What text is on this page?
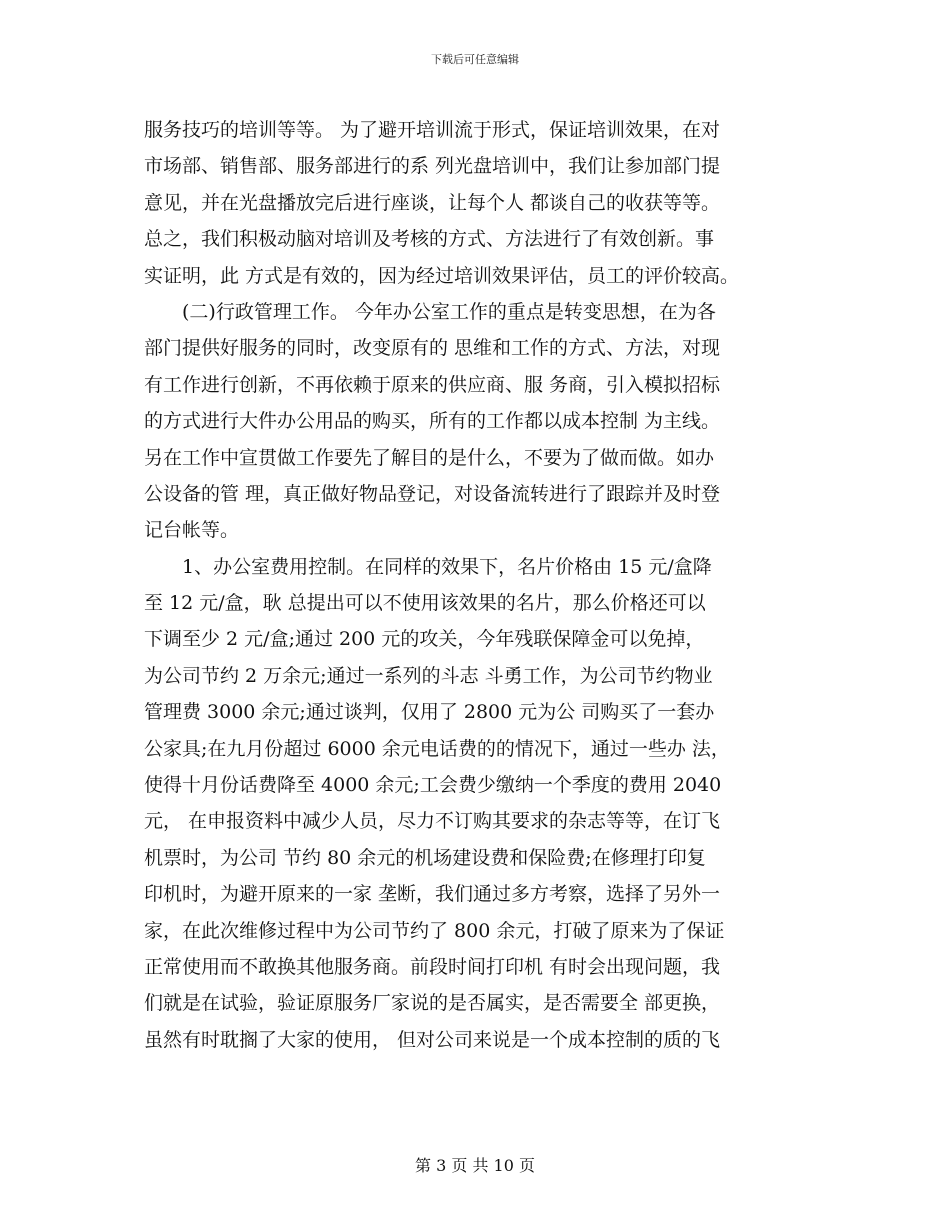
下载后可任意编辑
服务技巧的培训等等。 为了避开培训流于形式，保证培训效果，在对
市场部、销售部、服务部进行的系 列光盘培训中，我们让参加部门提
意见，并在光盘播放完后进行座谈，让每个人 都谈自己的收获等等。
总之，我们积极动脑对培训及考核的方式、方法进行了有效创新。事
实证明，此 方式是有效的，因为经过培训效果评估，员工的评价较高。
　　(二)行政管理工作。 今年办公室工作的重点是转变思想，在为各
部门提供好服务的同时，改变原有的 思维和工作的方式、方法，对现
有工作进行创新，不再依赖于原来的供应商、服 务商，引入模拟招标
的方式进行大件办公用品的购买，所有的工作都以成本控制 为主线。
另在工作中宣贯做工作要先了解目的是什么，不要为了做而做。如办
公设备的管 理，真正做好物品登记，对设备流转进行了跟踪并及时登
记台帐等。
　　1、办公室费用控制。在同样的效果下，名片价格由 15 元/盒降
至 12 元/盒，耿 总提出可以不使用该效果的名片，那么价格还可以
下调至少 2 元/盒;通过 200 元的攻关，今年残联保障金可以免掉，
为公司节约 2 万余元;通过一系列的斗志 斗勇工作，为公司节约物业
管理费 3000 余元;通过谈判，仅用了 2800 元为公 司购买了一套办
公家具;在九月份超过 6000 余元电话费的的情况下，通过一些办 法，
使得十月份话费降至 4000 余元;工会费少缴纳一个季度的费用 2040
元， 在申报资料中减少人员，尽力不订购其要求的杂志等等，在订飞
机票时，为公司 节约 80 余元的机场建设费和保险费;在修理打印复
印机时，为避开原来的一家 垄断，我们通过多方考察，选择了另外一
家，在此次维修过程中为公司节约了 800 余元，打破了原来为了保证
正常使用而不敢换其他服务商。前段时间打印机 有时会出现问题，我
们就是在试验，验证原服务厂家说的是否属实，是否需要全 部更换，
虽然有时耽搁了大家的使用， 但对公司来说是一个成本控制的质的飞
第 3 页 共 10 页
